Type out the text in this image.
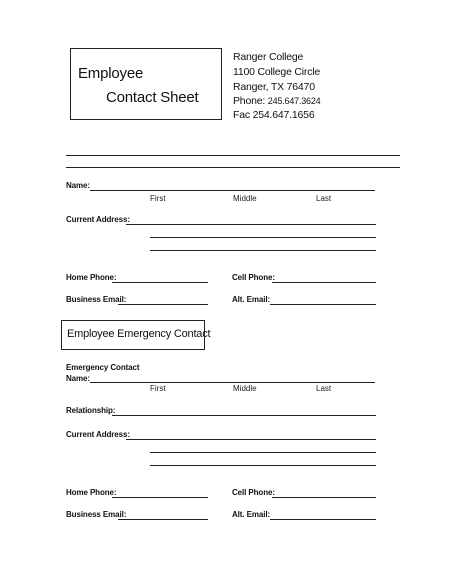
Employee
Contact Sheet
Ranger College
1100 College Circle
Ranger, TX 76470
Phone: 245.647.3624
Fac 254.647.1656
Name:
First	Middle	Last
Current Address:
Home Phone:	Cell Phone:
Business Email:	Alt. Email:
Employee Emergency Contact
Emergency Contact
Name:
First	Middle	Last
Relationship:
Current Address:
Home Phone:	Cell Phone:
Business Email:	Alt. Email:
